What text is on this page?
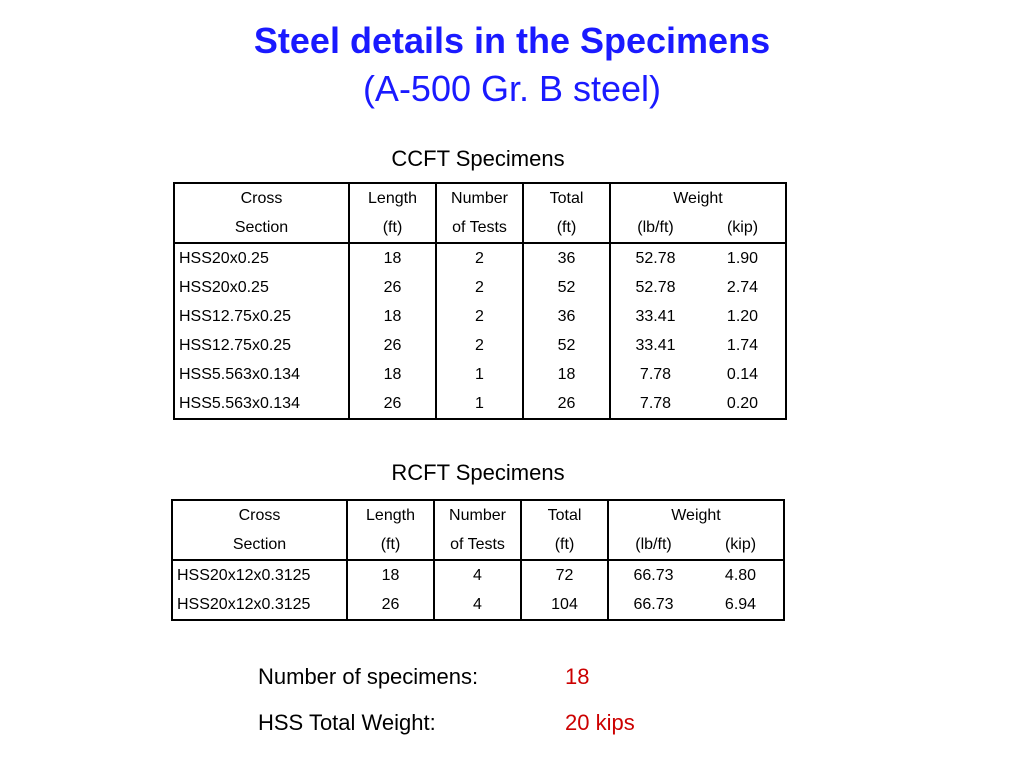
Steel details in the Specimens
(A-500 Gr. B steel)
CCFT Specimens
Cross	Length	Number	Total	Weight	
Section	(ft)	of Tests	(ft)	(lb/ft)	(kip)
HSS20x0.25	18	2	36	52.78	1.90
HSS20x0.25	26	2	52	52.78	2.74
HSS12.75x0.25	18	2	36	33.41	1.20
HSS12.75x0.25	26	2	52	33.41	1.74
HSS5.563x0.134	18	1	18	7.78	0.14
HSS5.563x0.134	26	1	26	7.78	0.20
RCFT Specimens
Cross	Length	Number	Total	Weight	
Section	(ft)	of Tests	(ft)	(lb/ft)	(kip)
HSS20x12x0.3125	18	4	72	66.73	4.80
HSS20x12x0.3125	26	4	104	66.73	6.94
Number of specimens:	18
HSS Total Weight:	20 kips
